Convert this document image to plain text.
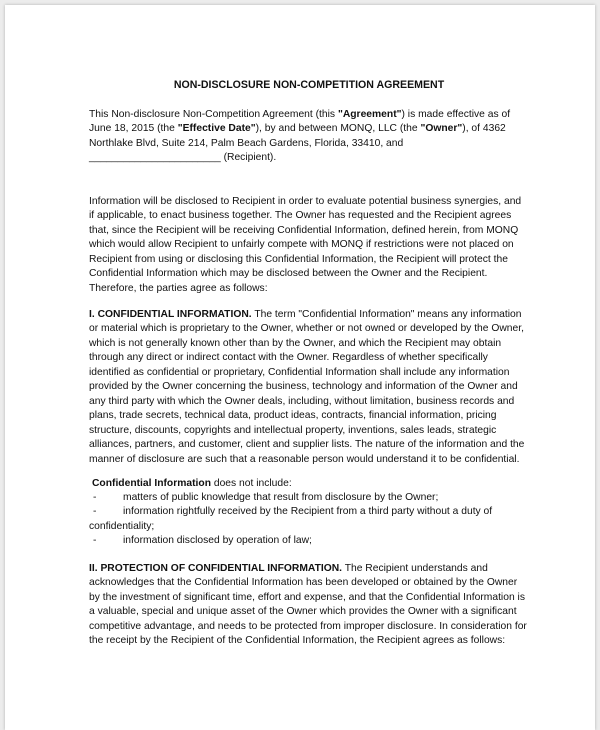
NON-DISCLOSURE NON-COMPETITION AGREEMENT

This Non-disclosure Non-Competition Agreement (this "Agreement") is made effective as of June 18, 2015 (the "Effective Date"), by and between MONQ, LLC (the "Owner"), of 4362 Northlake Blvd, Suite 214, Palm Beach Gardens, Florida, 33410, and _______________________ (Recipient).

Information will be disclosed to Recipient in order to evaluate potential business synergies, and if applicable, to enact business together. The Owner has requested and the Recipient agrees that, since the Recipient will be receiving Confidential Information, defined herein, from MONQ which would allow Recipient to unfairly compete with MONQ if restrictions were not placed on Recipient from using or disclosing this Confidential Information, the Recipient will protect the Confidential Information which may be disclosed between the Owner and the Recipient. Therefore, the parties agree as follows:

I. CONFIDENTIAL INFORMATION. The term "Confidential Information" means any information or material which is proprietary to the Owner, whether or not owned or developed by the Owner, which is not generally known other than by the Owner, and which the Recipient may obtain through any direct or indirect contact with the Owner. Regardless of whether specifically identified as confidential or proprietary, Confidential Information shall include any information provided by the Owner concerning the business, technology and information of the Owner and any third party with which the Owner deals, including, without limitation, business records and plans, trade secrets, technical data, product ideas, contracts, financial information, pricing structure, discounts, copyrights and intellectual property, inventions, sales leads, strategic alliances, partners, and customer, client and supplier lists. The nature of the information and the manner of disclosure are such that a reasonable person would understand it to be confidential.

Confidential Information does not include:

-	matters of public knowledge that result from disclosure by the Owner;
-	information rightfully received by the Recipient from a third party without a duty of confidentiality;
-	information disclosed by operation of law;

II. PROTECTION OF CONFIDENTIAL INFORMATION. The Recipient understands and acknowledges that the Confidential Information has been developed or obtained by the Owner by the investment of significant time, effort and expense, and that the Confidential Information is a valuable, special and unique asset of the Owner which provides the Owner with a significant competitive advantage, and needs to be protected from improper disclosure. In consideration for the receipt by the Recipient of the Confidential Information, the Recipient agrees as follows:
